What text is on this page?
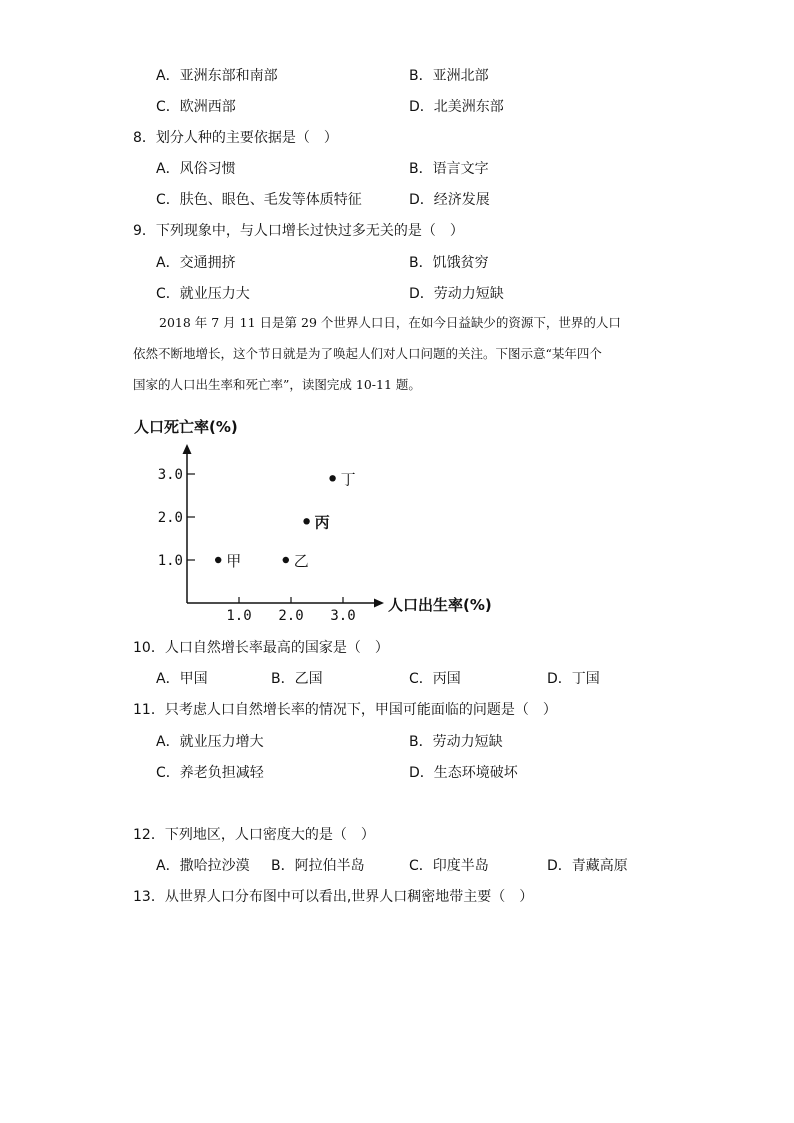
A．亚洲东部和南部	B．亚洲北部
C．欧洲西部	D．北美洲东部
8．划分人种的主要依据是（　）
A．风俗习惯	B．语言文字
C．肤色、眼色、毛发等体质特征	D．经济发展
9．下列现象中，与人口增长过快过多无关的是（　）
A．交通拥挤	B．饥饿贫穷
C．就业压力大	D．劳动力短缺
2018 年 7 月 11 日是第 29 个世界人口日，在如今日益缺少的资源下，世界的人口
依然不断地增长，这个节日就是为了唤起人们对人口问题的关注。下图示意“某年四个
国家的人口出生率和死亡率”，读图完成 10-11 题。
人口死亡率(%)
人口出生率(%)
1.0 2.0 3.0
1.0
2.0
3.0
甲	乙
丙
丁
10．人口自然增长率最高的国家是（　）
A．甲国	B．乙国	C．丙国	D．丁国
11．只考虑人口自然增长率的情况下，甲国可能面临的问题是（　）
A．就业压力增大	B．劳动力短缺
C．养老负担减轻	D．生态环境破坏
12．下列地区，人口密度大的是（　）
A．撒哈拉沙漠 B．阿拉伯半岛	C．印度半岛	D．青藏高原
13．从世界人口分布图中可以看出,世界人口稠密地带主要（　）
